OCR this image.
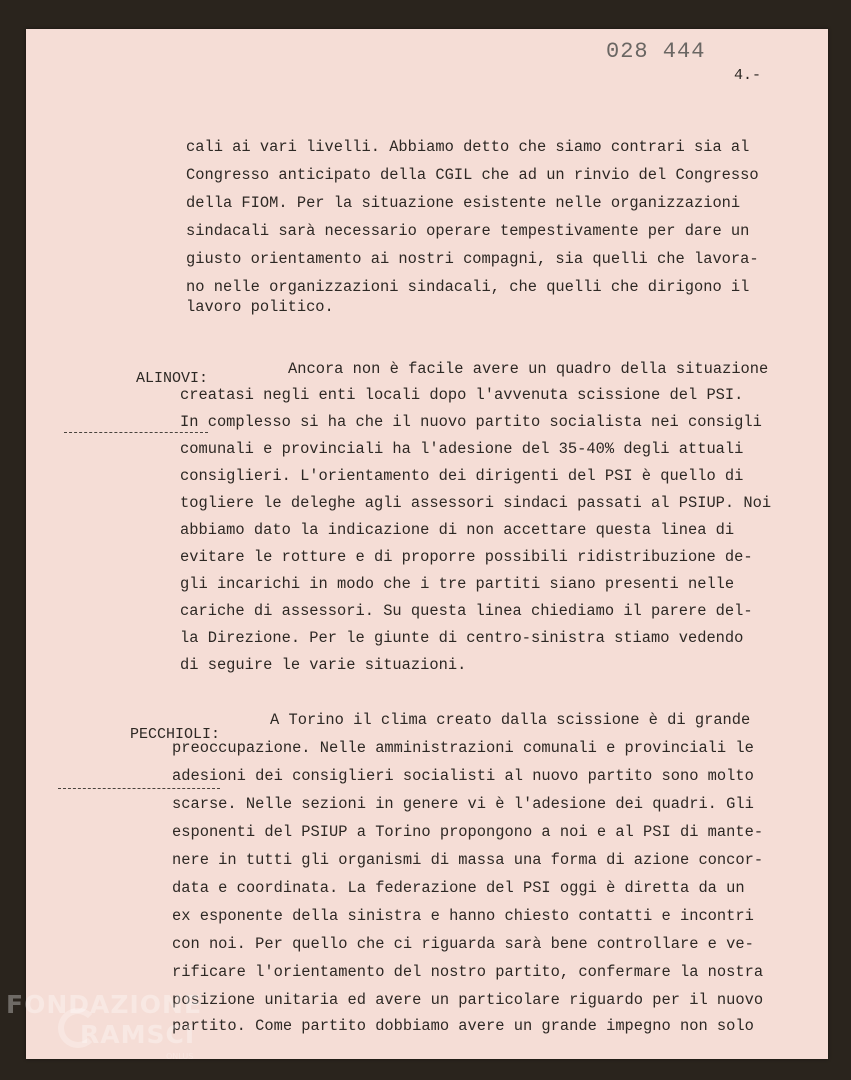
028 444
4.-
cali ai vari livelli. Abbiamo detto che siamo contrari sia al
Congresso anticipato della CGIL che ad un rinvio del Congresso
della FIOM. Per la situazione esistente nelle organizzazioni
sindacali sarà necessario operare tempestivamente per dare un
giusto orientamento ai nostri compagni, sia quelli che lavora-
no nelle organizzazioni sindacali, che quelli che dirigono il
lavoro politico.

ALINOVI:

Ancora non è facile avere un quadro della situazione
creatasi negli enti locali dopo l'avvenuta scissione del PSI.
In complesso si ha che il nuovo partito socialista nei consigli
comunali e provinciali ha l'adesione del 35-40% degli attuali
consiglieri. L'orientamento dei dirigenti del PSI è quello di
togliere le deleghe agli assessori sindaci passati al PSIUP. Noi
abbiamo dato la indicazione di non accettare questa linea di
evitare le rotture e di proporre possibili ridistribuzione de-
gli incarichi in modo che i tre partiti siano presenti nelle
cariche di assessori. Su questa linea chiediamo il parere del-
la Direzione. Per le giunte di centro-sinistra stiamo vedendo
di seguire le varie situazioni.

PECCHIOLI:

A Torino il clima creato dalla scissione è di grande
preoccupazione. Nelle amministrazioni comunali e provinciali le
adesioni dei consiglieri socialisti al nuovo partito sono molto
scarse. Nelle sezioni in genere vi è l'adesione dei quadri. Gli
esponenti del PSIUP a Torino propongono a noi e al PSI di mante-
nere in tutti gli organismi di massa una forma di azione concor-
data e coordinata. La federazione del PSI oggi è diretta da un
ex esponente della sinistra e hanno chiesto contatti e incontri
con noi. Per quello che ci riguarda sarà bene controllare e ve-
rificare l'orientamento del nostro partito, confermare la nostra
posizione unitaria ed avere un particolare riguardo per il nuovo
partito. Come partito dobbiamo avere un grande impegno non solo
FONDAZIONE
RAMSCI
ONLUS
